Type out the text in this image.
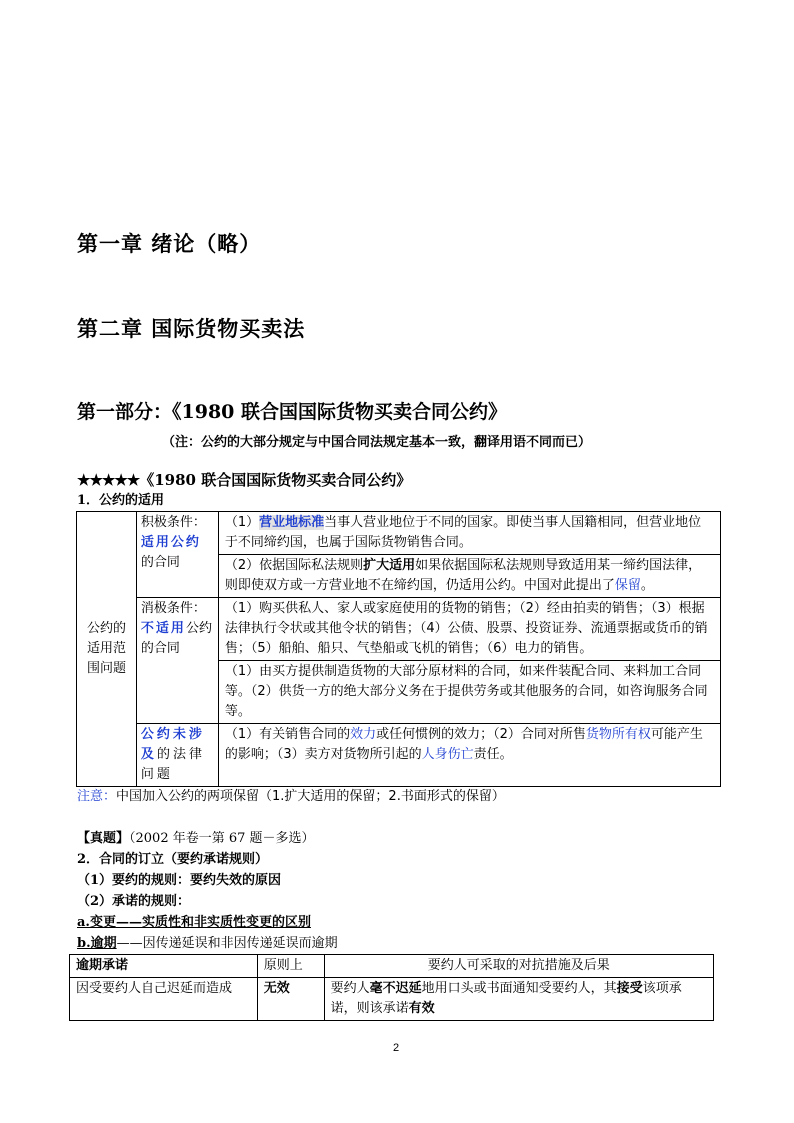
第一章 绪论（略）
第二章 国际货物买卖法
第一部分：《1980 联合国国际货物买卖合同公约》
（注：公约的大部分规定与中国合同法规定基本一致，翻译用语不同而已）
★★★★★《1980 联合国国际货物买卖合同公约》
1．公约的适用
公约的适用范围问题	积极条件：适用公约的合同	（1）营业地标准当事人营业地位于不同的国家。即使当事人国籍相同，但营业地位于不同缔约国，也属于国际货物销售合同。
		（2）依据国际私法规则扩大适用如果依据国际私法规则导致适用某一缔约国法律，则即使双方或一方营业地不在缔约国，仍适用公约。中国对此提出了保留。
	消极条件：不适用公约的合同	（1）购买供私人、家人或家庭使用的货物的销售；（2）经由拍卖的销售；（3）根据法律执行令状或其他令状的销售；（4）公债、股票、投资证券、流通票据或货币的销售；（5）船舶、船只、气垫船或飞机的销售；（6）电力的销售。
		（1）由买方提供制造货物的大部分原材料的合同，如来件装配合同、来料加工合同等。（2）供货一方的绝大部分义务在于提供劳务或其他服务的合同，如咨询服务合同等。
	公约未涉及的法律问题	（1）有关销售合同的效力或任何惯例的效力；（2）合同对所售货物所有权可能产生的影响；（3）卖方对货物所引起的人身伤亡责任。
注意：中国加入公约的两项保留（1.扩大适用的保留；2.书面形式的保留）
【真题】（2002 年卷一第 67 题－多选）
2．合同的订立（要约承诺规则）
（1）要约的规则：要约失效的原因
（2）承诺的规则：
a.变更——实质性和非实质性变更的区别
b.逾期——因传递延误和非因传递延误而逾期
逾期承诺	原则上	要约人可采取的对抗措施及后果
因受要约人自己迟延而造成	无效	要约人毫不迟延地用口头或书面通知受要约人，其接受该项承诺，则该承诺有效
2
